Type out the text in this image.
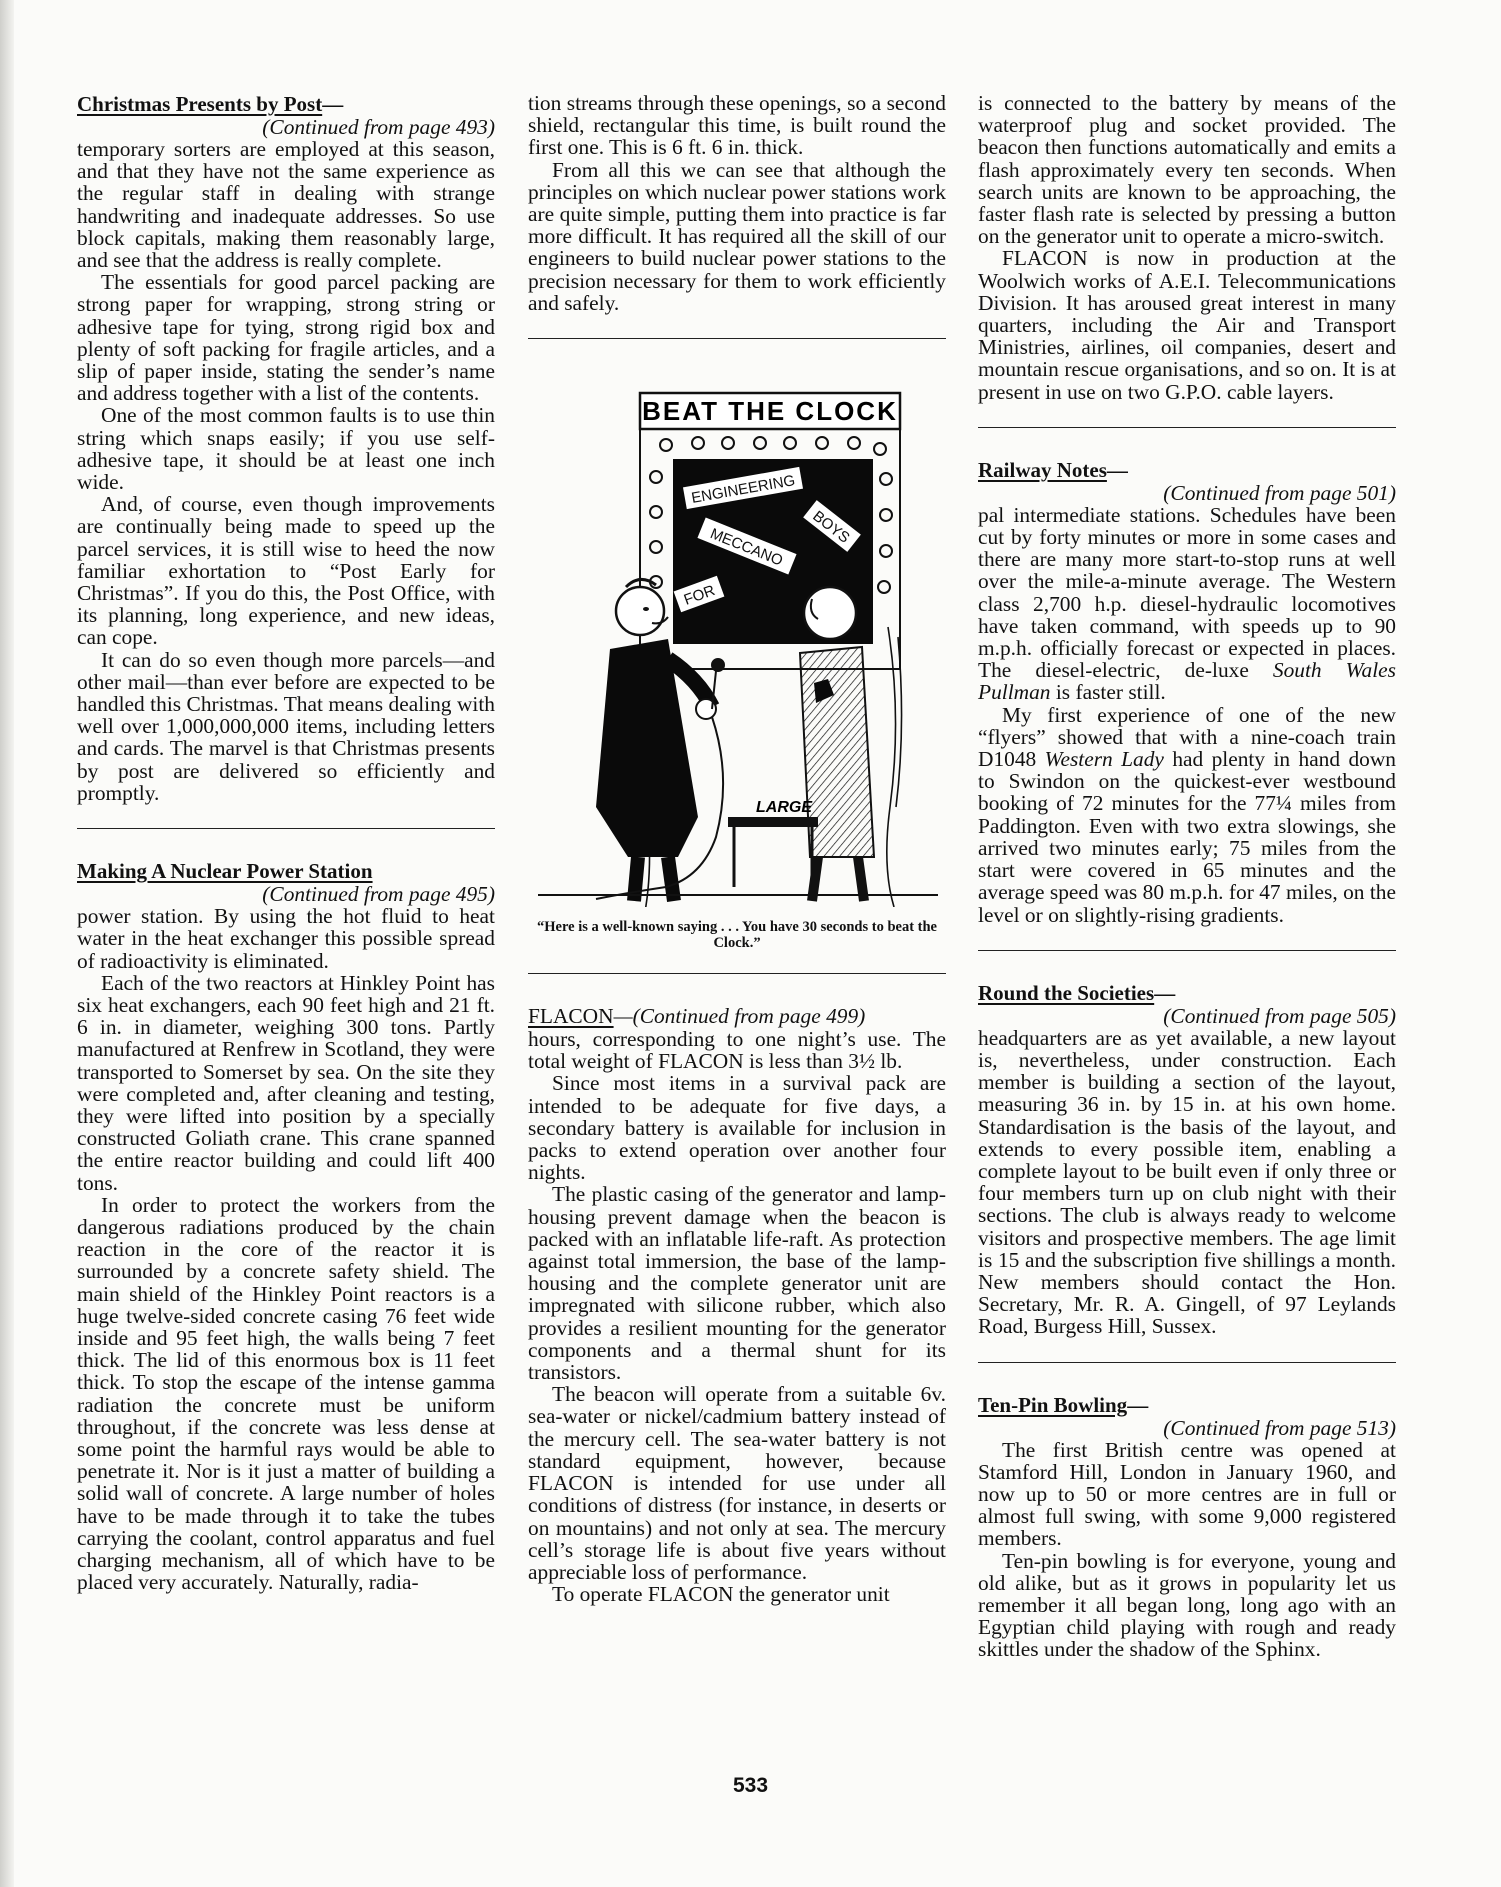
Christmas Presents by Post—
(Continued from page 493)

temporary sorters are employed at this season, and that they have not the same experience as the regular staff in dealing with strange handwriting and inadequate addresses. So use block capitals, making them reasonably large, and see that the address is really complete.

The essentials for good parcel packing are strong paper for wrapping, strong string or adhesive tape for tying, strong rigid box and plenty of soft packing for fragile articles, and a slip of paper inside, stating the sender’s name and address together with a list of the contents.

One of the most common faults is to use thin string which snaps easily; if you use self-adhesive tape, it should be at least one inch wide.

And, of course, even though improvements are continually being made to speed up the parcel services, it is still wise to heed the now familiar exhortation to “Post Early for Christmas”. If you do this, the Post Office, with its planning, long experience, and new ideas, can cope.

It can do so even though more parcels—and other mail—than ever before are expected to be handled this Christmas. That means dealing with well over 1,000,000,000 items, including letters and cards. The marvel is that Christmas presents by post are delivered so efficiently and promptly.

Making A Nuclear Power Station
(Continued from page 495)

power station. By using the hot fluid to heat water in the heat exchanger this possible spread of radioactivity is eliminated.

Each of the two reactors at Hinkley Point has six heat exchangers, each 90 feet high and 21 ft. 6 in. in diameter, weighing 300 tons. Partly manufactured at Renfrew in Scotland, they were transported to Somerset by sea. On the site they were completed and, after cleaning and testing, they were lifted into position by a specially constructed Goliath crane. This crane spanned the entire reactor building and could lift 400 tons.

In order to protect the workers from the dangerous radiations produced by the chain reaction in the core of the reactor it is surrounded by a concrete safety shield. The main shield of the Hinkley Point reactors is a huge twelve-sided concrete casing 76 feet wide inside and 95 feet high, the walls being 7 feet thick. The lid of this enormous box is 11 feet thick. To stop the escape of the intense gamma radiation the concrete must be uniform throughout, if the concrete was less dense at some point the harmful rays would be able to penetrate it. Nor is it just a matter of building a solid wall of concrete. A large number of holes have to be made through it to take the tubes carrying the coolant, control apparatus and fuel charging mechanism, all of which have to be placed very accurately. Naturally, radia-

tion streams through these openings, so a second shield, rectangular this time, is built round the first one. This is 6 ft. 6 in. thick.

From all this we can see that although the principles on which nuclear power stations work are quite simple, putting them into practice is far more difficult. It has required all the skill of our engineers to build nuclear power stations to the precision necessary for them to work efficiently and safely.

BEAT THE CLOCK
ENGINEERING
MECCANO BOYS
FOR
LARGE
“Here is a well-known saying . . . You have 30 seconds to beat the Clock.”
FLACON—(Continued from page 499)

hours, corresponding to one night’s use. The total weight of FLACON is less than 3½ lb.

Since most items in a survival pack are intended to be adequate for five days, a secondary battery is available for inclusion in packs to extend operation over another four nights.

The plastic casing of the generator and lamp-housing prevent damage when the beacon is packed with an inflatable life-raft. As protection against total immersion, the base of the lamp-housing and the complete generator unit are impregnated with silicone rubber, which also provides a resilient mounting for the generator components and a thermal shunt for its transistors.

The beacon will operate from a suitable 6v. sea-water or nickel/cadmium battery instead of the mercury cell. The sea-water battery is not standard equipment, however, because FLACON is intended for use under all conditions of distress (for instance, in deserts or on mountains) and not only at sea. The mercury cell’s storage life is about five years without appreciable loss of performance.

To operate FLACON the generator unit

is connected to the battery by means of the waterproof plug and socket provided. The beacon then functions automatically and emits a flash approximately every ten seconds. When search units are known to be approaching, the faster flash rate is selected by pressing a button on the generator unit to operate a micro-switch.

FLACON is now in production at the Woolwich works of A.E.I. Telecommunications Division. It has aroused great interest in many quarters, including the Air and Transport Ministries, airlines, oil companies, desert and mountain rescue organisations, and so on. It is at present in use on two G.P.O. cable layers.

Railway Notes—
(Continued from page 501)

pal intermediate stations. Schedules have been cut by forty minutes or more in some cases and there are many more start-to-stop runs at well over the mile-a-minute average. The Western class 2,700 h.p. diesel-hydraulic locomotives have taken command, with speeds up to 90 m.p.h. officially forecast or expected in places. The diesel-electric, de-luxe South Wales Pullman is faster still.

My first experience of one of the new “flyers” showed that with a nine-coach train D1048 Western Lady had plenty in hand down to Swindon on the quickest-ever westbound booking of 72 minutes for the 77¼ miles from Paddington. Even with two extra slowings, she arrived two minutes early; 75 miles from the start were covered in 65 minutes and the average speed was 80 m.p.h. for 47 miles, on the level or on slightly-rising gradients.

Round the Societies—
(Continued from page 505)

headquarters are as yet available, a new layout is, nevertheless, under construction. Each member is building a section of the layout, measuring 36 in. by 15 in. at his own home. Standardisation is the basis of the layout, and extends to every possible item, enabling a complete layout to be built even if only three or four members turn up on club night with their sections. The club is always ready to welcome visitors and prospective members. The age limit is 15 and the subscription five shillings a month. New members should contact the Hon. Secretary, Mr. R. A. Gingell, of 97 Leylands Road, Burgess Hill, Sussex.

Ten-Pin Bowling—
(Continued from page 513)

The first British centre was opened at Stamford Hill, London in January 1960, and now up to 50 or more centres are in full or almost full swing, with some 9,000 registered members.

Ten-pin bowling is for everyone, young and old alike, but as it grows in popularity let us remember it all began long, long ago with an Egyptian child playing with rough and ready skittles under the shadow of the Sphinx.

533
